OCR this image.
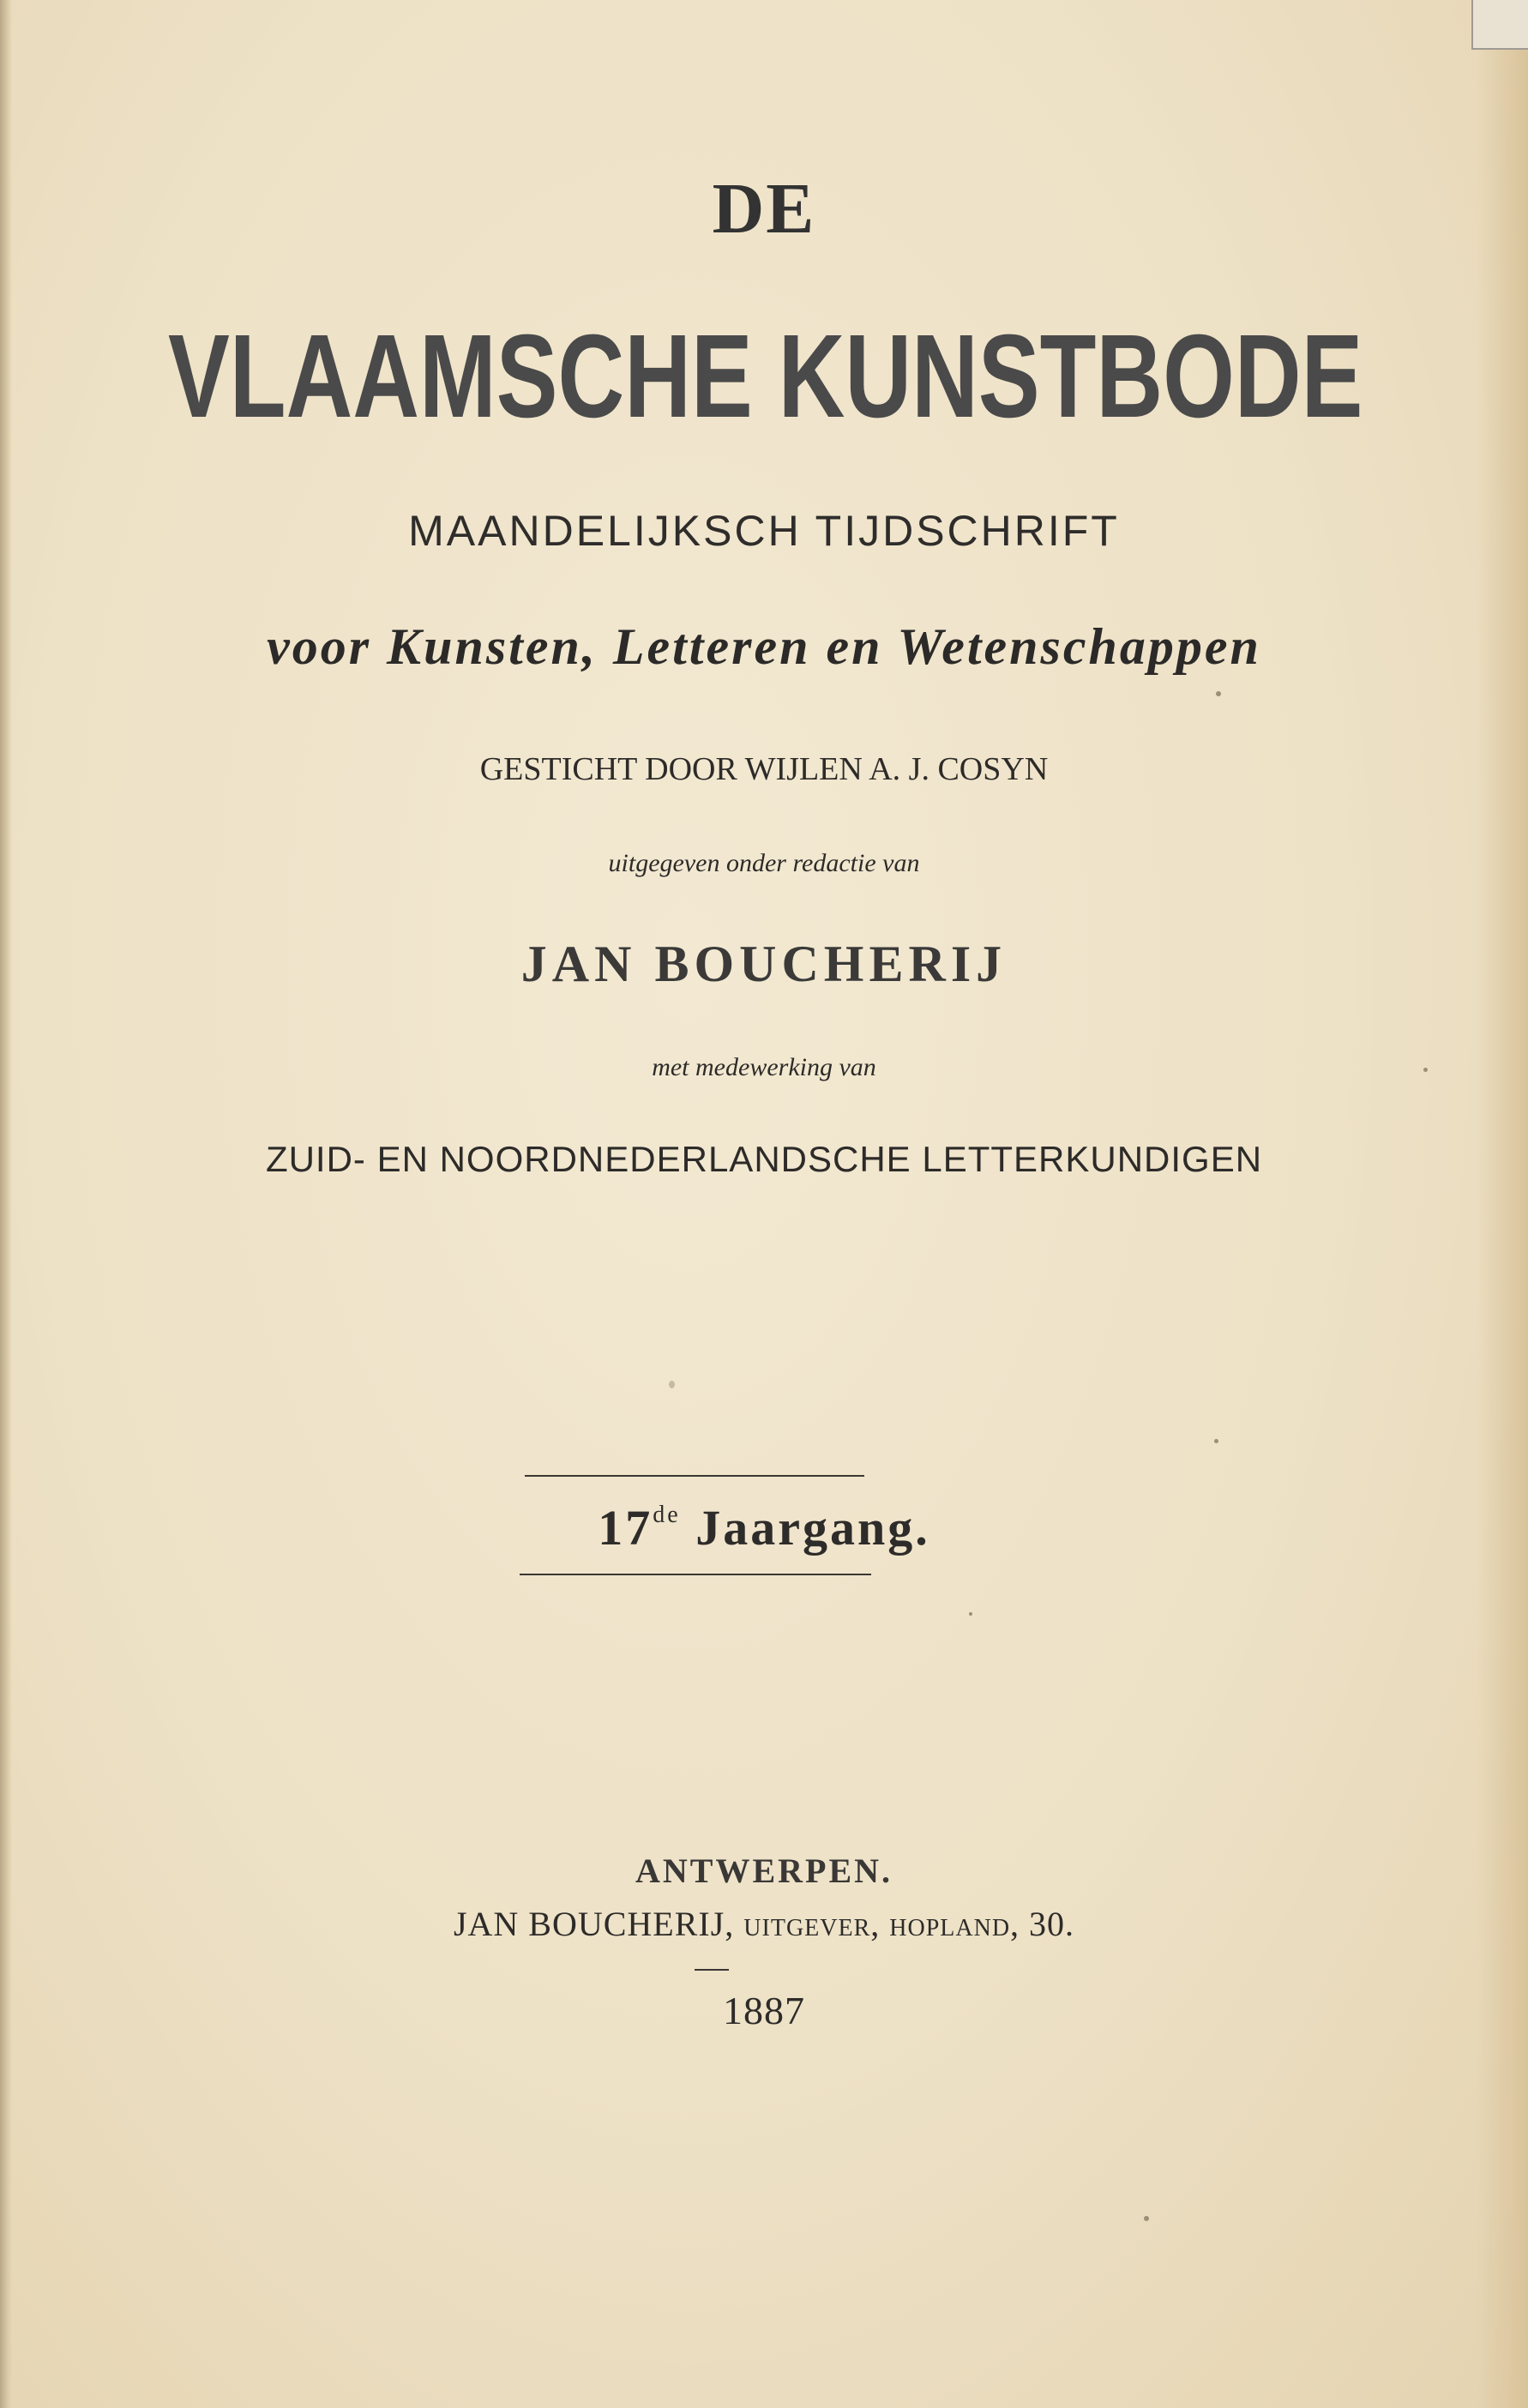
DE
VLAAMSCHE KUNSTBODE
MAANDELIJKSCH TIJDSCHRIFT
voor Kunsten, Letteren en Wetenschappen
GESTICHT DOOR WIJLEN A. J. COSYN
uitgegeven onder redactie van
JAN BOUCHERIJ
met medewerking van
ZUID- EN NOORDNEDERLANDSCHE LETTERKUNDIGEN
17de Jaargang.
ANTWERPEN.
JAN BOUCHERIJ, uitgever, hopland, 30.
1887
